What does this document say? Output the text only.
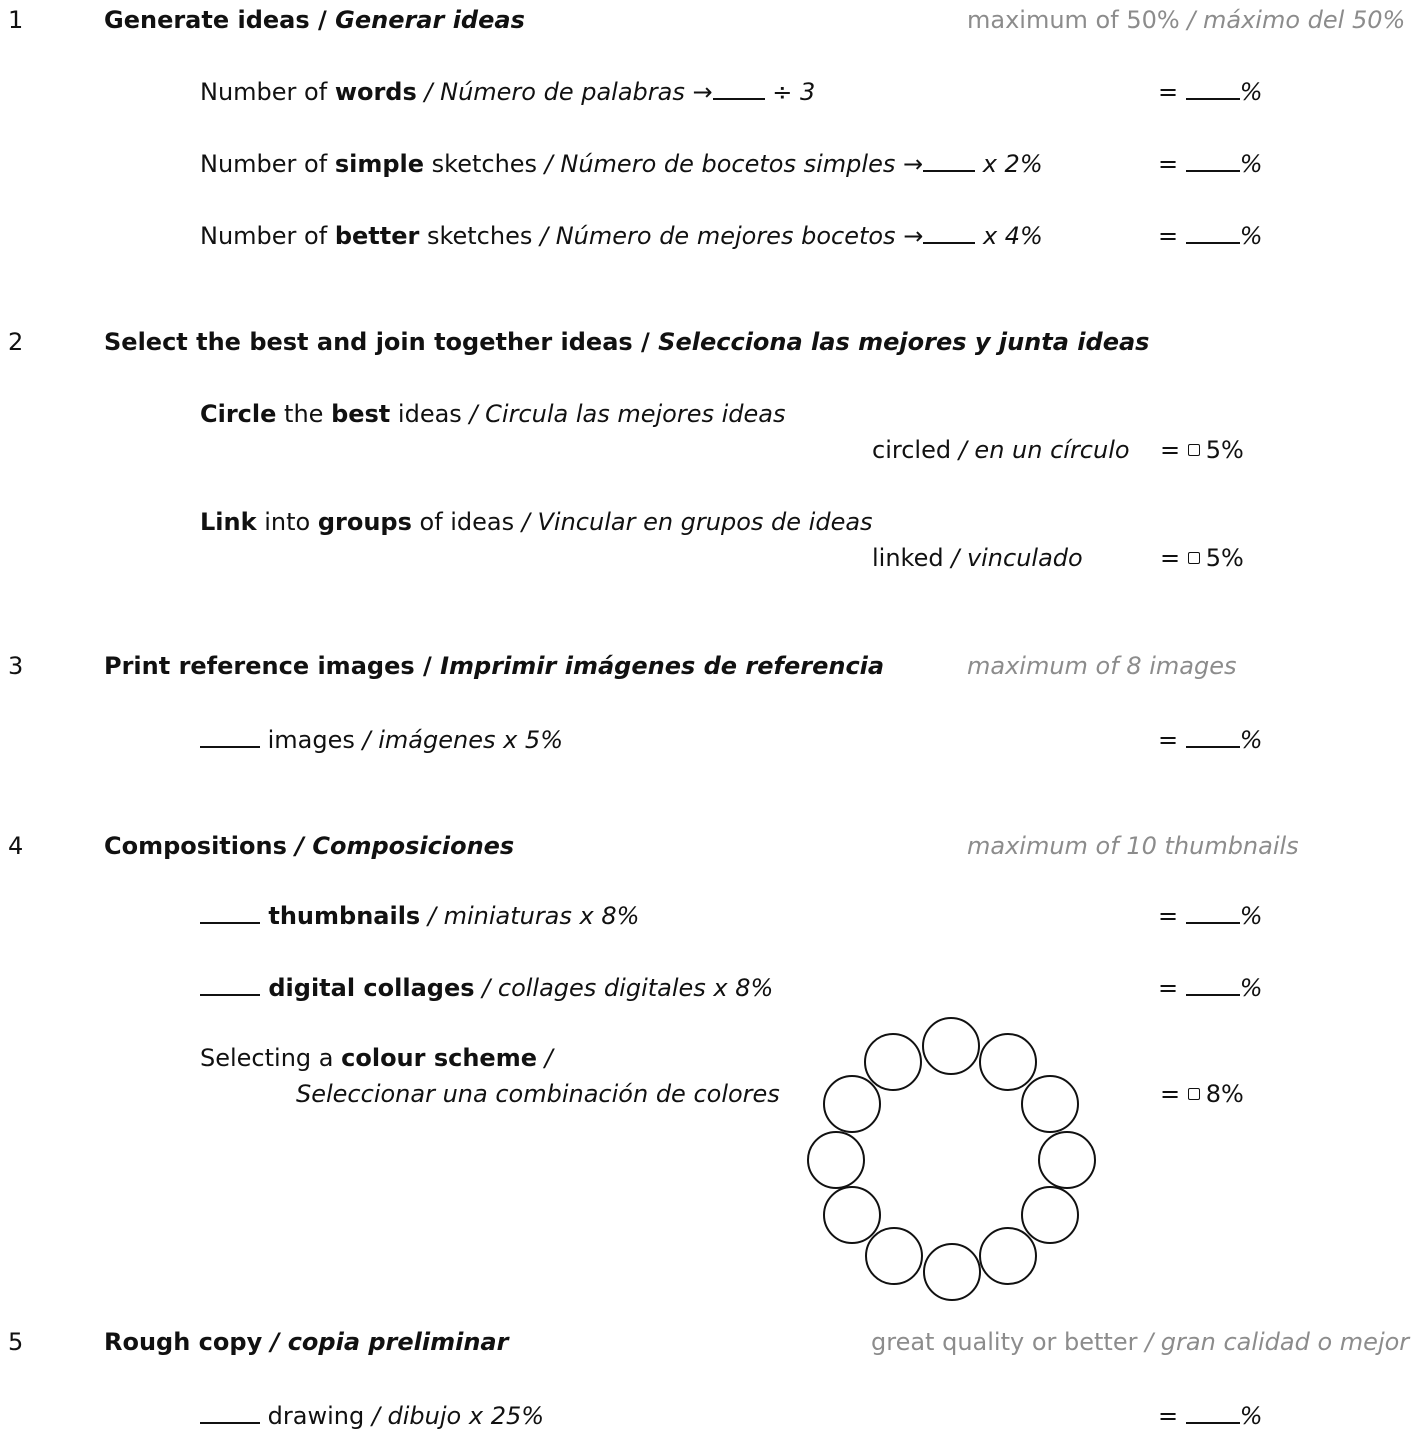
1	Generate ideas / Generar ideas	maximum of 50% / máximo del 50%
Number of words / Número de palabras → ÷ 3	= %
Number of simple sketches / Número de bocetos simples → x 2%	= %
Number of better sketches / Número de mejores bocetos → x 4%	= %
2	Select the best and join together ideas / Selecciona las mejores y junta ideas
Circle the best ideas / Circula las mejores ideas
circled / en un círculo = 5%
Link into groups of ideas / Vincular en grupos de ideas
linked / vinculado	= 5%
3	Print reference images / Imprimir imágenes de referencia	maximum of 8 images
images / imágenes x 5%	= %
4	Compositions / Composiciones	maximum of 10 thumbnails
thumbnails / miniaturas x 8%	= %
digital collages / collages digitales x 8%	= %
Selecting a colour scheme /
Seleccionar una combinación de colores	= 8%
5	Rough copy / copia preliminar	great quality or better / gran calidad o mejor
drawing / dibujo x 25%	= %
